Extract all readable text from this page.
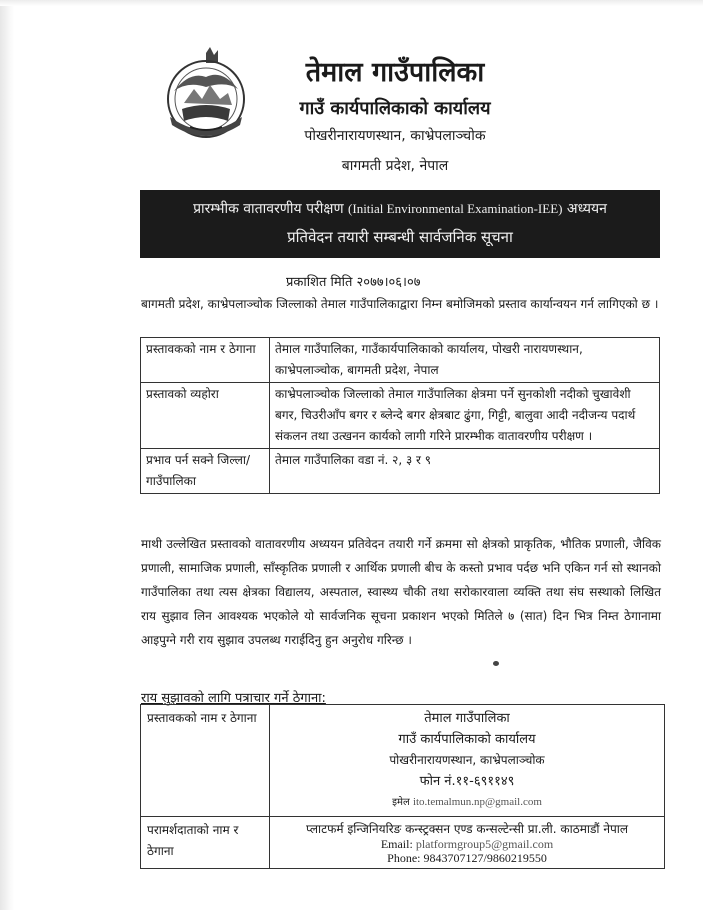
तेमाल गाउँपालिका
गाउँ कार्यपालिकाको कार्यालय
पोखरीनारायणस्थान, काभ्रेपलाञ्चोक
बागमती प्रदेश, नेपाल
प्रारम्भीक वातावरणीय परीक्षण (Initial Environmental Examination-IEE) अध्ययन
प्रतिवेदन तयारी सम्बन्धी सार्वजनिक सूचना
प्रकाशित मिति २०७७।०६।०७
बागमती प्रदेश, काभ्रेपलाञ्चोक जिल्लाको तेमाल गाउँपालिकाद्वारा निम्न बमोजिमको प्रस्ताव कार्यान्वयन गर्न लागिएको छ ।
प्रस्तावकको नाम र ठेगाना	तेमाल गाउँपालिका, गाउँकार्यपालिकाको कार्यालय, पोखरी नारायणस्थान, काभ्रेपलाञ्चोक, बागमती प्रदेश, नेपाल
प्रस्तावको व्यहोरा	काभ्रेपलाञ्चोक जिल्लाको तेमाल गाउँपालिका क्षेत्रमा पर्ने सुनकोशी नदीको चुखावेशी बगर, चिउरीआँप बगर र ब्लेन्दे बगर क्षेत्रबाट ढुंगा, गिट्टी, बालुवा आदी नदीजन्य पदार्थ संकलन तथा उत्खनन कार्यको लागी गरिने प्रारम्भीक वातावरणीय परीक्षण ।
प्रभाव पर्न सक्ने जिल्ला/गाउँपालिका	तेमाल गाउँपालिका वडा नं. २, ३ र ९
माथी उल्लेखित प्रस्तावको वातावरणीय अध्ययन प्रतिवेदन तयारी गर्ने क्रममा सो क्षेत्रको प्राकृतिक, भौतिक प्रणाली, जैविक प्रणाली, सामाजिक प्रणाली, साँस्कृतिक प्रणाली र आर्थिक प्रणाली बीच के कस्तो प्रभाव पर्दछ भनि एकिन गर्न सो स्थानको गाउँपालिका तथा त्यस क्षेत्रका विद्यालय, अस्पताल, स्वास्थ्य चौकी तथा सरोकारवाला व्यक्ति तथा संघ सस्थाको लिखित राय सुझाव लिन आवश्यक भएकोले यो सार्वजनिक सूचना प्रकाशन भएको मितिले ७ (सात) दिन भित्र निम्त ठेगानामा आइपुग्ने गरी राय सुझाव उपलब्ध गराईदिनु हुन अनुरोध गरिन्छ ।
राय सुझावको लागि पत्राचार गर्ने ठेगाना:
प्रस्तावकको नाम र ठेगाना	तेमाल गाउँपालिका
गाउँ कार्यपालिकाको कार्यालय
पोखरीनारायणस्थान, काभ्रेपलाञ्चोक
फोन नं.११-६९११४९
इमेल ito.temalmun.np@gmail.com

परामर्शदाताको नाम र ठेगाना	प्लाटफर्म इन्जिनियरिङ कन्स्ट्रक्सन एण्ड कन्सल्टेन्सी प्रा.ली. काठमाडौं नेपाल
Email: platformgroup5@gmail.com
Phone: 9843707127/9860219550
